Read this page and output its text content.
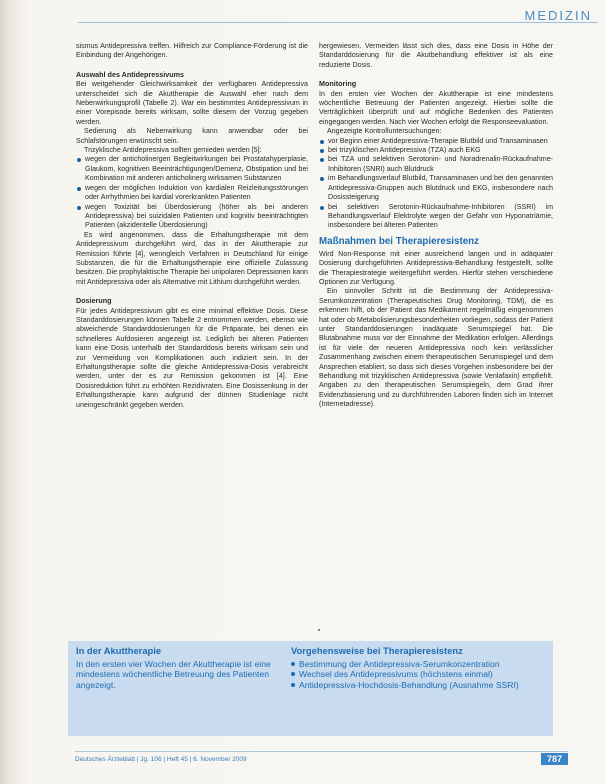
MEDIZIN

sismus Antidepressiva treffen. Hilfreich zur Compliance-Förderung ist die Einbindung der Angehörigen.

Auswahl des Antidepressivums

Bei weitgehender Gleichwirksamkeit der verfügbaren Antidepressiva unterscheidet sich die Akuttherapie die Auswahl eher nach dem Nebenwirkungsprofil (Tabelle 2). War ein bestimmtes Antidepressivum in einer Vorepisode bereits wirksam, sollte diesem der Vorzug gegeben werden.

Sedierung als Nebenwirkung kann anwendbar oder bei Schlafstörungen erwünscht sein.

Trizyklische Antidepressiva sollten gemieden werden [5]:

wegen der anticholinergen Begleitwirkungen bei Prostatahyperplasie, Glaukom, kognitiven Beeinträchtigungen/Demenz, Obstipation und bei Kombination mit anderen anticholinerg wirksamen Substanzen
wegen der möglichen Induktion von kardialen Reizleitungsstörungen oder Arrhythmien bei kardial vorerkrankten Patienten
wegen Toxizität bei Überdosierung (höher als bei anderen Antidepressiva) bei suizidalen Patienten und kognitiv beeinträchtigten Patienten (akzidentelle Überdosierung)

Es wird angenommen, dass die Erhaltungstherapie mit dem Antidepressivum durchgeführt wird, das in der Akuttherapie zur Remission führte [4], wenngleich Verfahren in Deutschland für einige Substanzen, die für die Erhaltungstherapie eine offizielle Zulassung besitzen. Die prophylaktische Therapie bei unipolaren Depressionen kann mit Antidepressiva oder als Alternative mit Lithium durchgeführt werden.

Dosierung

Für jedes Antidepressivum gibt es eine minimal effektive Dosis. Diese Standarddosierungen können Tabelle 2 entnommen werden, ebenso wie abweichende Standarddosierungen für die Präparate, bei denen ein schnelleres Aufdosieren angezeigt ist. Lediglich bei älteren Patienten kann eine Dosis unterhalb der Standarddosis bereits wirksam sein und zur Vermeidung von Komplikationen auch indiziert sein. In der Erhaltungstherapie sollte die gleiche Antidepressiva-Dosis verabreicht werden, unter der es zur Remission gekommen ist [4]. Eine Dosisreduktion führt zu erhöhten Rezidivraten. Eine Dosissenkung in der Erhaltungstherapie kann aufgrund der dünnen Studienlage nicht uneingeschränkt gegeben werden.

hergewiesen. Vermeiden lässt sich dies, dass eine Dosis in Höhe der Standarddosierung für die Akutbehandlung effektiver ist als eine reduzierte Dosis.

Monitoring

In den ersten vier Wochen der Akuttherapie ist eine mindestens wöchentliche Betreuung der Patienten angezeigt. Hierbei sollte die Verträglichkeit überprüft und auf mögliche Bedenken des Patienten eingegangen werden. Nach vier Wochen erfolgt die Responseevaluation.

Angezeigte Kontrolluntersuchungen:

vor Beginn einer Antidepressiva-Therapie Blutbild und Transaminasen
bei trizyklischen Antidepressiva (TZA) auch EKG
bei TZA und selektiven Serotonin- und Noradrenalin-Rückaufnahme-Inhibitoren (SNRI) auch Blutdruck
im Behandlungsverlauf Blutbild, Transaminasen und bei den genannten Antidepressiva-Gruppen auch Blutdruck und EKG, insbesondere nach Dosissteigerung
bei selektiven Serotonin-Rückaufnahme-Inhibitoren (SSRI) im Behandlungsverlauf Elektrolyte wegen der Gefahr von Hyponatriämie, insbesondere bei älteren Patienten

Maßnahmen bei Therapieresistenz

Wird Non-Response mit einer ausreichend langen und in adäquater Dosierung durchgeführten Antidepressiva-Behandlung festgestellt, sollte die Therapiestrategie weitergeführt werden. Hierfür stehen verschiedene Optionen zur Verfügung.

Ein sinnvoller Schritt ist die Bestimmung der Antidepressiva-Serumkonzentration (Therapeutisches Drug Monitoring, TDM), die es erkennen hilft, ob der Patient das Medikament regelmäßig eingenommen hat oder ob Metabolisierungsbesonderheiten vorliegen, sodass der Patient unter Standarddosierungen inadäquate Serumspiegel hat. Die Blutabnahme muss vor der Einnahme der Medikation erfolgen. Allerdings ist für viele der neueren Antidepressiva noch kein verlässlicher Zusammenhang zwischen einem therapeutischen Serumspiegel und dem Ansprechen etabliert, so dass sich dieses Vorgehen insbesondere bei der Behandlung mit trizyklischen Antidepressiva (sowie Venlafaxin) empfiehlt. Angaben zu den therapeutischen Serumspiegeln, dem Grad ihrer Evidenzbasierung und zu durchführenden Laboren finden sich im Internet (Internetadresse).

In der Akuttherapie
In den ersten vier Wochen der Akuttherapie ist eine mindestens wöchentliche Betreuung des Patienten angezeigt.
Vorgehensweise bei Therapieresistenz
Bestimmung der Antidepressiva-Serumkonzentration
Wechsel des Antidepressivums (höchstens einmal)
Antidepressiva-Hochdosis-Behandlung (Ausnahme SSRI)
Deutsches Ärzteblatt | Jg. 106 | Heft 45 | 6. November 2009	787
